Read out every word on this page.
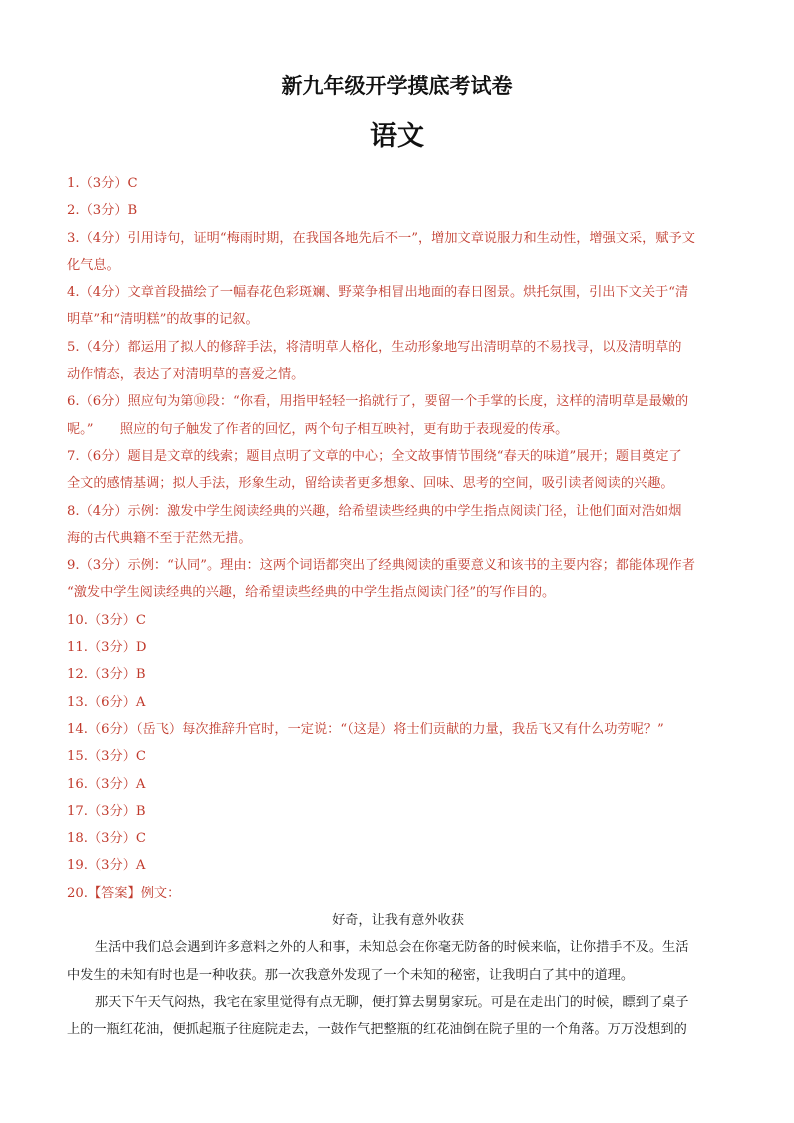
新九年级开学摸底考试卷
语文
1.（3分）C
2.（3分）B
3.（4分）引用诗句，证明“梅雨时期，在我国各地先后不一”，增加文章说服力和生动性，增强文采，赋予文
化气息。
4.（4分）文章首段描绘了一幅春花色彩斑斓、野菜争相冒出地面的春日图景。烘托氛围，引出下文关于“清
明草”和“清明糕”的故事的记叙。
5.（4分）都运用了拟人的修辞手法，将清明草人格化，生动形象地写出清明草的不易找寻，以及清明草的
动作情态，表达了对清明草的喜爱之情。
6.（6分）照应句为第⑩段：“你看，用指甲轻轻一掐就行了，要留一个手掌的长度，这样的清明草是最嫩的
呢。”　　照应的句子触发了作者的回忆，两个句子相互映衬，更有助于表现爱的传承。
7.（6分）题目是文章的线索；题目点明了文章的中心；全文故事情节围绕“春天的味道”展开；题目奠定了
全文的感情基调；拟人手法，形象生动，留给读者更多想象、回味、思考的空间，吸引读者阅读的兴趣。
8.（4分）示例：激发中学生阅读经典的兴趣，给希望读些经典的中学生指点阅读门径，让他们面对浩如烟
海的古代典籍不至于茫然无措。
9.（3分）示例：“认同”。理由：这两个词语都突出了经典阅读的重要意义和该书的主要内容；都能体现作者
“激发中学生阅读经典的兴趣，给希望读些经典的中学生指点阅读门径”的写作目的。
10.（3分）C
11.（3分）D
12.（3分）B
13.（6分）A
14.（6分）（岳飞）每次推辞升官时，一定说：“（这是）将士们贡献的力量，我岳飞又有什么功劳呢？”
15.（3分）C
16.（3分）A
17.（3分）B
18.（3分）C
19.（3分）A
20.【答案】例文：
好奇，让我有意外收获
生活中我们总会遇到许多意料之外的人和事，未知总会在你毫无防备的时候来临，让你措手不及。生活
中发生的未知有时也是一种收获。那一次我意外发现了一个未知的秘密，让我明白了其中的道理。
那天下午天气闷热，我宅在家里觉得有点无聊，便打算去舅舅家玩。可是在走出门的时候，瞟到了桌子
上的一瓶红花油，便抓起瓶子往庭院走去，一鼓作气把整瓶的红花油倒在院子里的一个角落。万万没想到的
